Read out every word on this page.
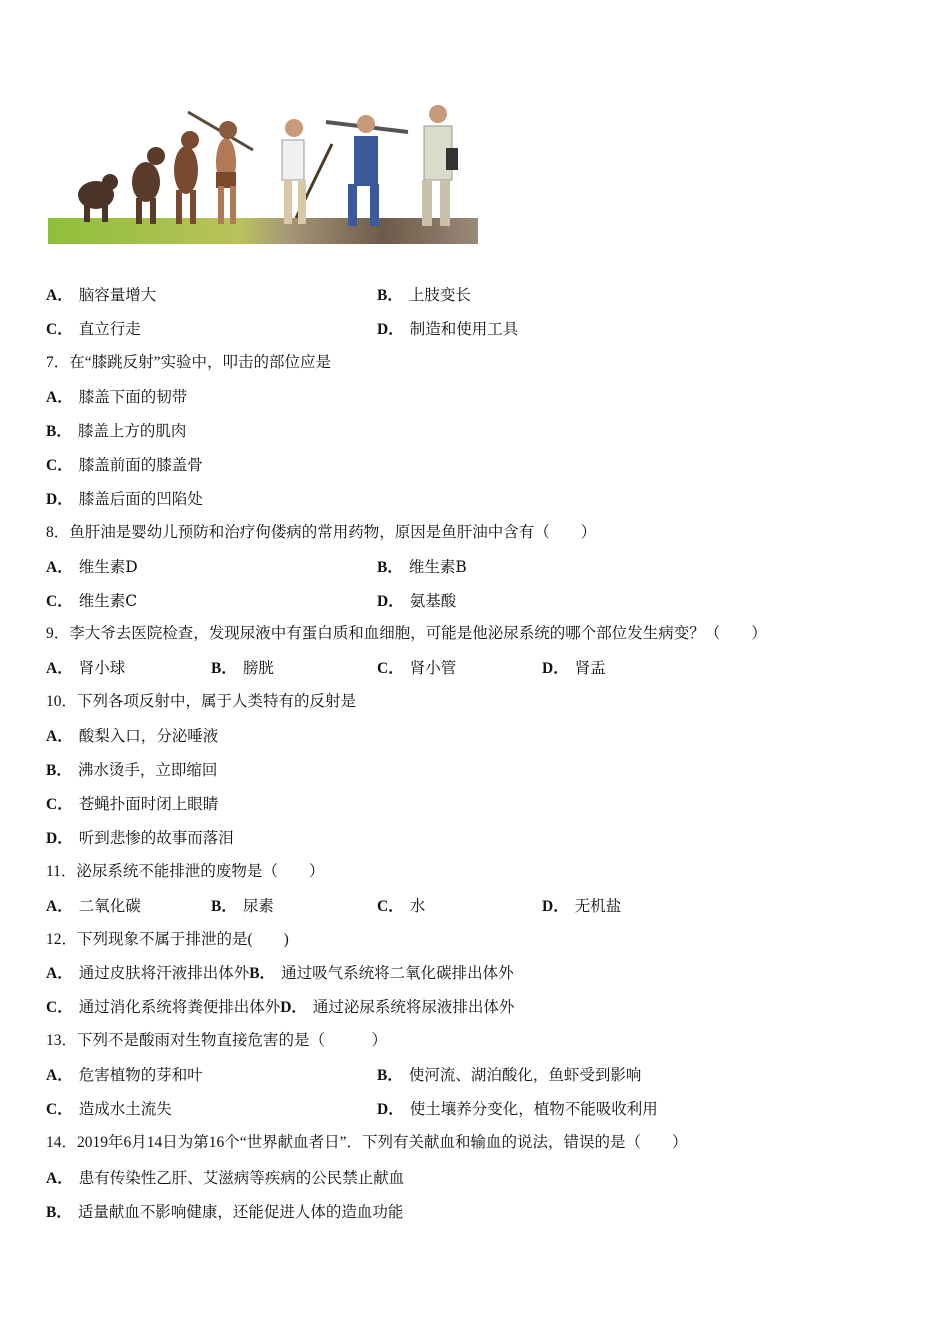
A． 脑容量增大	B． 上肢变长
C． 直立行走	D． 制造和使用工具
7．在“膝跳反射”实验中，叩击的部位应是
A． 膝盖下面的韧带
B． 膝盖上方的肌肉
C． 膝盖前面的膝盖骨
D． 膝盖后面的凹陷处
8．鱼肝油是婴幼儿预防和治疗佝偻病的常用药物，原因是鱼肝油中含有（　　）
A． 维生素D	B． 维生素B
C． 维生素C	D． 氨基酸
9．李大爷去医院检查，发现尿液中有蛋白质和血细胞，可能是他泌尿系统的哪个部位发生病变？（　　）
A． 肾小球	B． 膀胱	C． 肾小管	D． 肾盂
10．下列各项反射中，属于人类特有的反射是
A． 酸梨入口，分泌唾液
B． 沸水烫手，立即缩回
C． 苍蝇扑面时闭上眼睛
D． 听到悲惨的故事而落泪
11．泌尿系统不能排泄的废物是（　　）
A． 二氧化碳	B． 尿素	C． 水	D． 无机盐
12．下列现象不属于排泄的是(　　)
A． 通过皮肤将汗液排出体外B． 通过吸气系统将二氧化碳排出体外
C． 通过消化系统将粪便排出体外D． 通过泌尿系统将尿液排出体外
13．下列不是酸雨对生物直接危害的是（　　　）
A． 危害植物的芽和叶	B． 使河流、湖泊酸化，鱼虾受到影响
C． 造成水土流失	D． 使土壤养分变化，植物不能吸收利用
14．2019年6月14日为第16个“世界献血者日”．下列有关献血和输血的说法，错误的是（　　）
A． 患有传染性乙肝、艾滋病等疾病的公民禁止献血
B． 适量献血不影响健康，还能促进人体的造血功能
